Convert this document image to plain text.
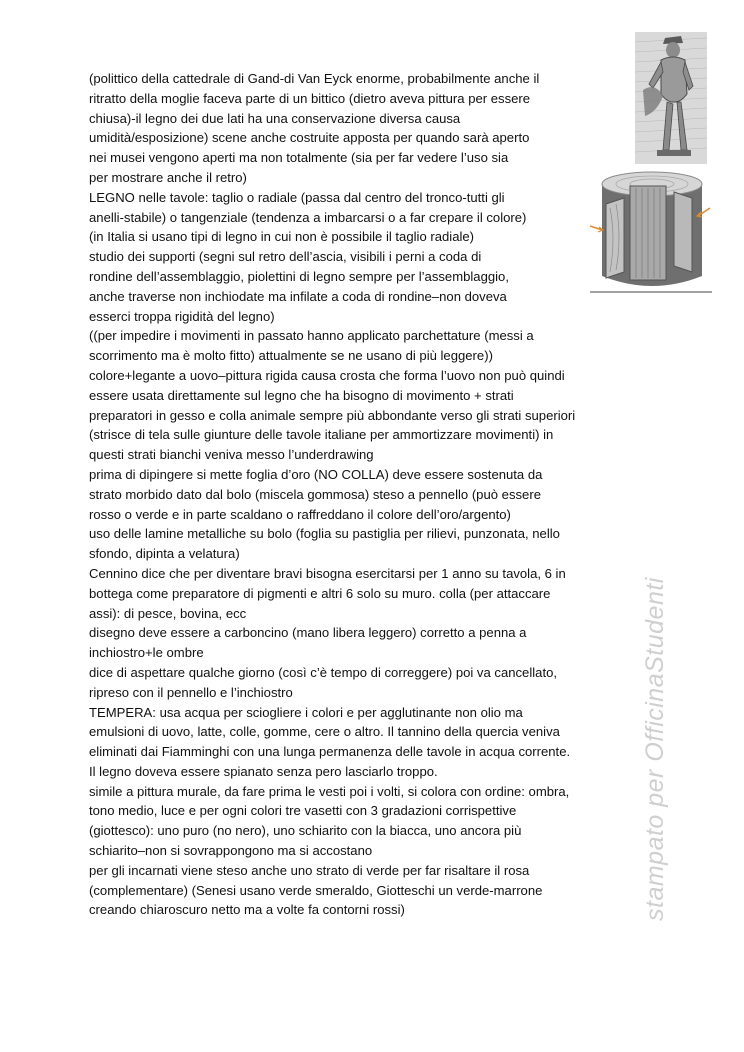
(polittico della cattedrale di Gand-di Van Eyck enorme, probabilmente anche il
ritratto della moglie faceva parte di un bittico (dietro aveva pittura per essere
chiusa)-il legno dei due lati ha una conservazione diversa causa
umidità/esposizione) scene anche costruite apposta per quando sarà aperto
nei musei vengono aperti ma non totalmente (sia per far vedere l’uso sia
per mostrare anche il retro)
LEGNO nelle tavole: taglio o radiale (passa dal centro del tronco-tutti gli
anelli-stabile) o tangenziale (tendenza a imbarcarsi o a far crepare il colore)
(in Italia si usano tipi di legno in cui non è possibile il taglio radiale)
studio dei supporti (segni sul retro dell’ascia, visibili i perni a coda di
rondine dell’assemblaggio, piolettini di legno sempre per l’assemblaggio,
anche traverse non inchiodate ma infilate a coda di rondine–non doveva
esserci troppa rigidità del legno)
((per impedire i movimenti in passato hanno applicato parchettature (messi a
scorrimento ma è molto fitto) attualmente se ne usano di più leggere))
colore+legante a uovo–pittura rigida causa crosta che forma l’uovo non può quindi
essere usata direttamente sul legno che ha bisogno di movimento + strati
preparatori in gesso e colla animale sempre più abbondante verso gli strati superiori
(strisce di tela sulle giunture delle tavole italiane per ammortizzare movimenti) in
questi strati bianchi veniva messo l’underdrawing
prima di dipingere si mette foglia d’oro (NO COLLA) deve essere sostenuta da
strato morbido dato dal bolo (miscela gommosa) steso a pennello (può essere
rosso o verde e in parte scaldano o raffreddano il colore dell’oro/argento)
uso delle lamine metalliche su bolo (foglia su pastiglia per rilievi, punzonata, nello
sfondo, dipinta a velatura)
Cennino dice che per diventare bravi bisogna esercitarsi per 1 anno su tavola, 6 in
bottega come preparatore di pigmenti e altri 6 solo su muro. colla (per attaccare
assi): di pesce, bovina, ecc
disegno deve essere a carboncino (mano libera leggero) corretto a penna a
inchiostro+le ombre
dice di aspettare qualche giorno (così c’è tempo di correggere) poi va cancellato,
ripreso con il pennello e l’inchiostro
TEMPERA: usa acqua per sciogliere i colori e per agglutinante non olio ma
emulsioni di uovo, latte, colle, gomme, cere o altro. Il tannino della quercia veniva
eliminati dai Fiamminghi con una lunga permanenza delle tavole in acqua corrente.
Il legno doveva essere spianato senza pero lasciarlo troppo.
simile a pittura murale, da fare prima le vesti poi i volti, si colora con ordine: ombra,
tono medio, luce e per ogni colori tre vasetti con 3 gradazioni corrispettive
(giottesco): uno puro (no nero), uno schiarito con la biacca, uno ancora più
schiarito–non si sovrappongono ma si accostano
per gli incarnati viene steso anche uno strato di verde per far risaltare il rosa
(complementare) (Senesi usano verde smeraldo, Giotteschi un verde-marrone
creando chiaroscuro netto ma a volte fa contorni rossi)	stampato per OfficinaStudenti
